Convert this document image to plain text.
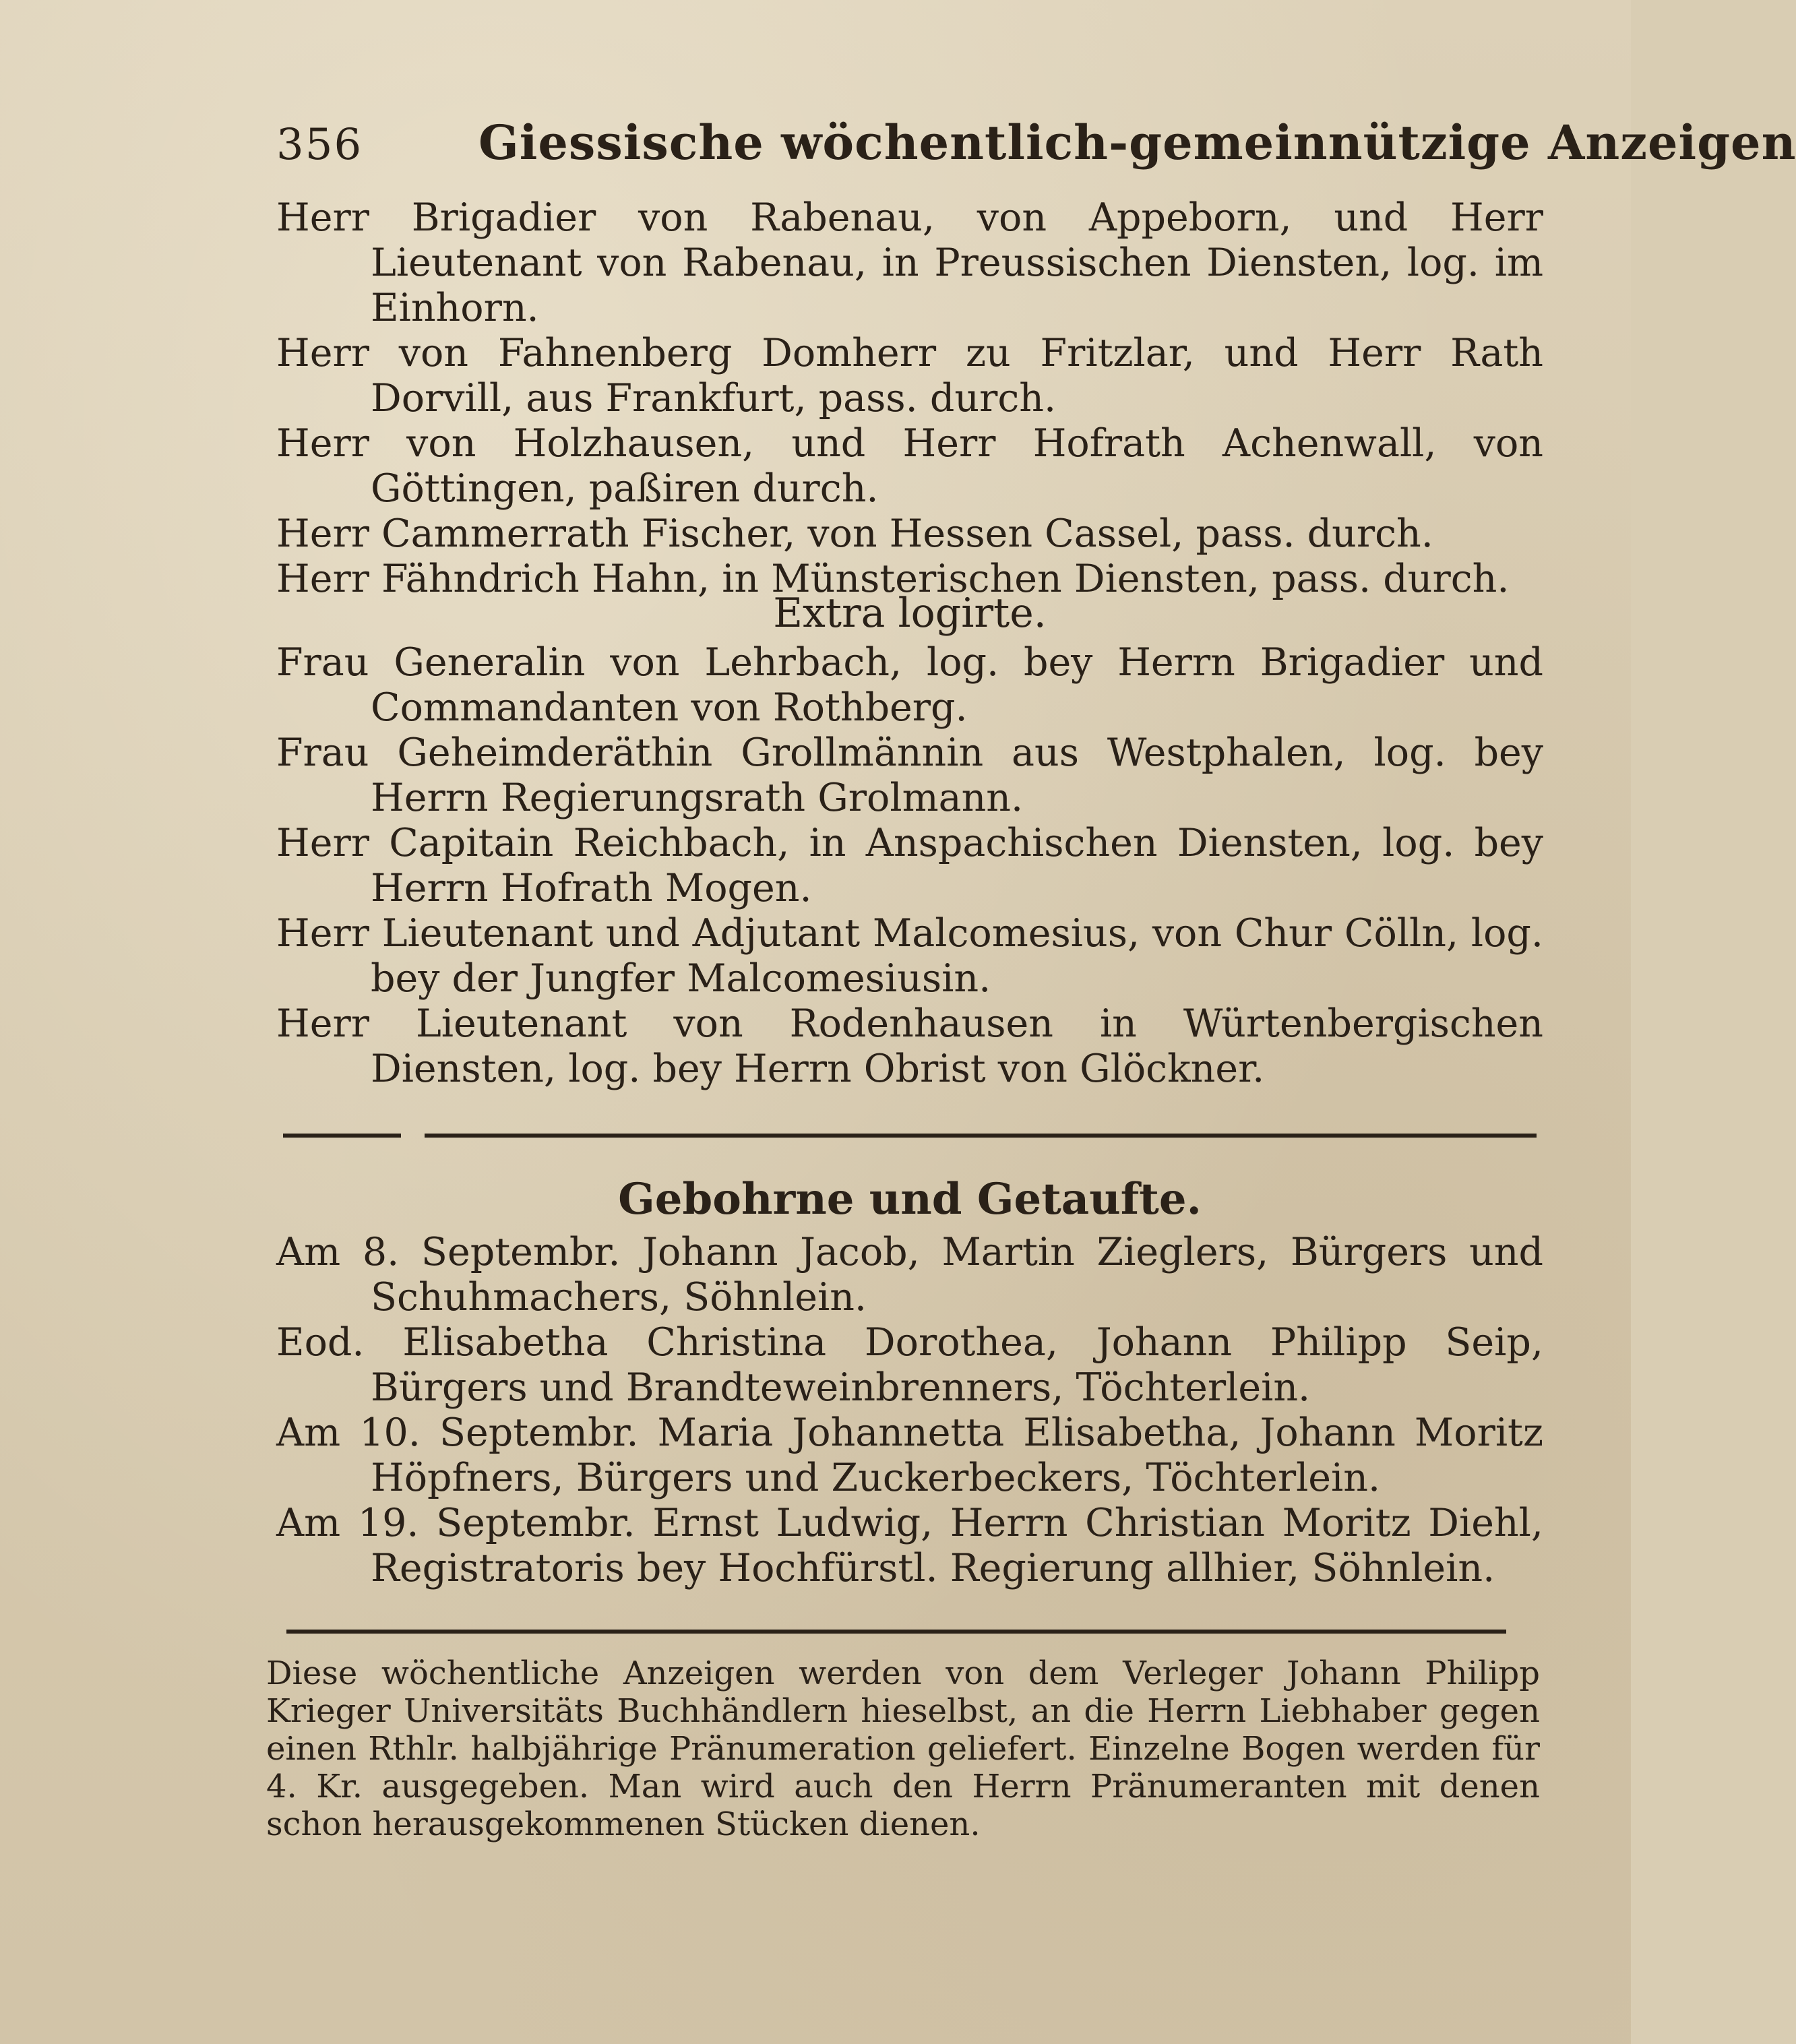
356 Giessische wöchentlich-gemeinnützige Anzeigen

Herr Brigadier von Rabenau, von Appeborn, und Herr Lieutenant von Rabenau, in Preussischen Diensten, log. im Einhorn.

Herr von Fahnenberg Domherr zu Fritzlar, und Herr Rath Dorvill, aus Frankfurt, pass. durch.

Herr von Holzhausen, und Herr Hofrath Achenwall, von Göttingen, paßiren durch.

Herr Cammerrath Fischer, von Hessen Cassel, pass. durch.

Herr Fähndrich Hahn, in Münsterischen Diensten, pass. durch.

Extra logirte.

Frau Generalin von Lehrbach, log. bey Herrn Brigadier und Commandanten von Rothberg.

Frau Geheimderäthin Grollmännin aus Westphalen, log. bey Herrn Regierungsrath Grolmann.

Herr Capitain Reichbach, in Anspachischen Diensten, log. bey Herrn Hofrath Mogen.

Herr Lieutenant und Adjutant Malcomesius, von Chur Cölln, log. bey der Jungfer Malcomesiusin.

Herr Lieutenant von Rodenhausen in Würtenbergischen Diensten, log. bey Herrn Obrist von Glöckner.

Gebohrne und Getaufte.

Am 8. Septembr. Johann Jacob, Martin Zieglers, Bürgers und Schuhmachers, Söhnlein.

Eod. Elisabetha Christina Dorothea, Johann Philipp Seip, Bürgers und Brandteweinbrenners, Töchterlein.

Am 10. Septembr. Maria Johannetta Elisabetha, Johann Moritz Höpfners, Bürgers und Zuckerbeckers, Töchterlein.

Am 19. Septembr. Ernst Ludwig, Herrn Christian Moritz Diehl, Registratoris bey Hochfürstl. Regierung allhier, Söhnlein.

Diese wöchentliche Anzeigen werden von dem Verleger Johann Philipp Krieger Universitäts Buchhändlern hieselbst, an die Herrn Liebhaber gegen einen Rthlr. halbjährige Pränumeration geliefert. Einzelne Bogen werden für 4. Kr. ausgegeben. Man wird auch den Herrn Pränumeranten mit denen schon herausgekommenen Stücken dienen.
